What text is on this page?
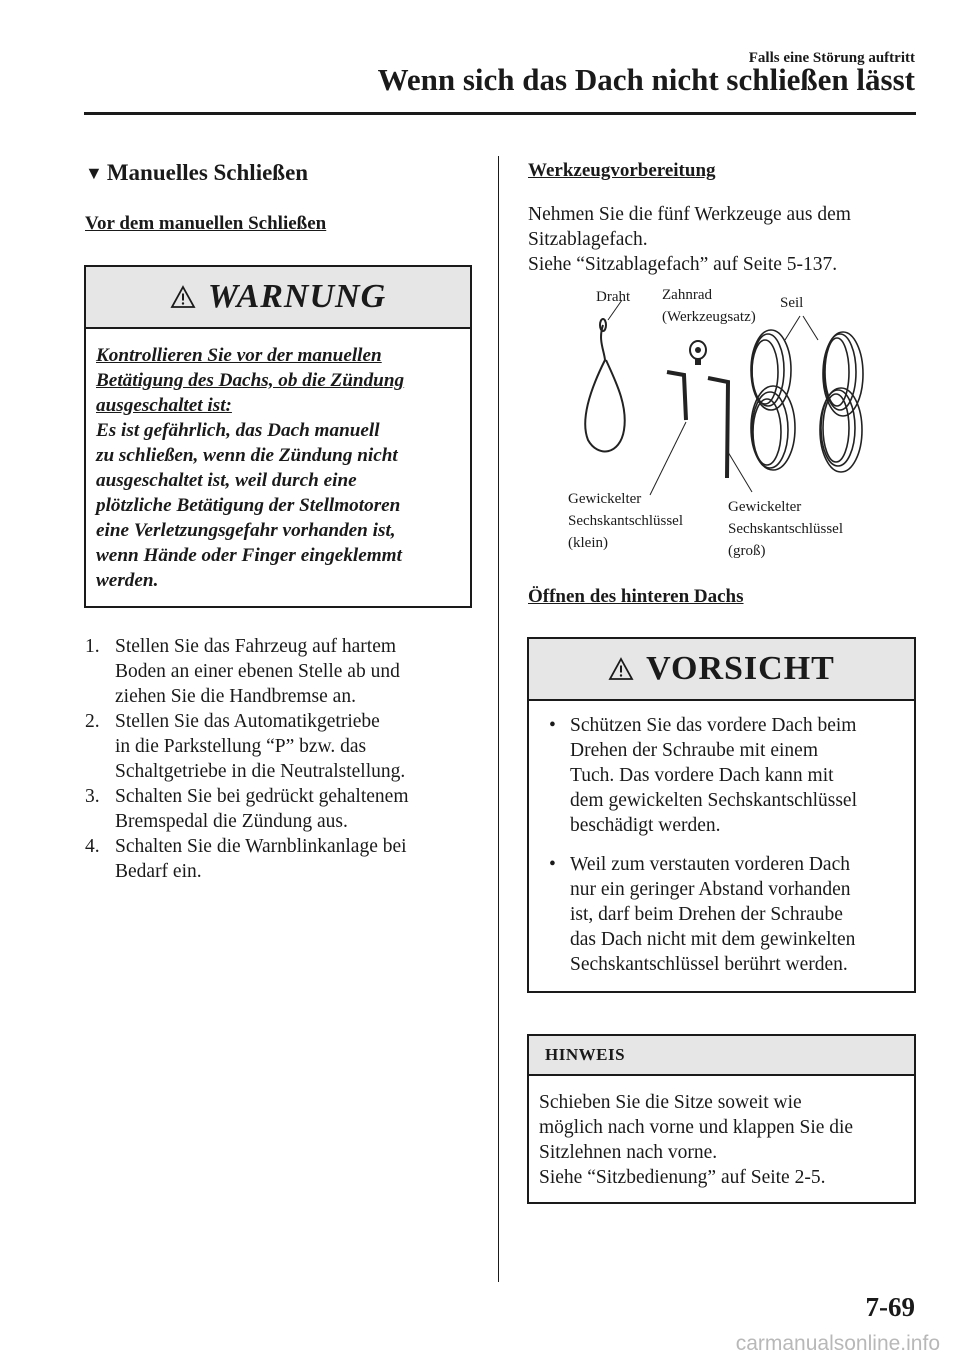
Falls eine Störung auftritt
Wenn sich das Dach nicht schließen lässt
▼ Manuelles Schließen
Vor dem manuellen Schließen
WARNUNG
Kontrollieren Sie vor der manuellen
Betätigung des Dachs, ob die Zündung
ausgeschaltet ist:
Es ist gefährlich, das Dach manuell
zu schließen, wenn die Zündung nicht
ausgeschaltet ist, weil durch eine
plötzliche Betätigung der Stellmotoren
eine Verletzungsgefahr vorhanden ist,
wenn Hände oder Finger eingeklemmt
werden.
1. Stellen Sie das Fahrzeug auf hartem
Boden an einer ebenen Stelle ab und
ziehen Sie die Handbremse an.
2. Stellen Sie das Automatikgetriebe
in die Parkstellung “P” bzw. das
Schaltgetriebe in die Neutralstellung.
3. Schalten Sie bei gedrückt gehaltenem
Bremspedal die Zündung aus.
4. Schalten Sie die Warnblinkanlage bei
Bedarf ein.
Werkzeugvorbereitung
Nehmen Sie die fünf Werkzeuge aus dem
Sitzablagefach.
Siehe “Sitzablagefach” auf Seite 5-137.
Draht Zahnrad
(Werkzeugsatz)
Seil
Gewickelter
Sechskantschlüssel
(klein)
Gewickelter
Sechskantschlüssel
(groß)
Öffnen des hinteren Dachs
VORSICHT
• Schützen Sie das vordere Dach beim
Drehen der Schraube mit einem
Tuch. Das vordere Dach kann mit
dem gewickelten Sechskantschlüssel
beschädigt werden.
• Weil zum verstauten vorderen Dach
nur ein geringer Abstand vorhanden
ist, darf beim Drehen der Schraube
das Dach nicht mit dem gewinkelten
Sechskantschlüssel berührt werden.
HINWEIS
Schieben Sie die Sitze soweit wie
möglich nach vorne und klappen Sie die
Sitzlehnen nach vorne.
Siehe “Sitzbedienung” auf Seite 2-5.
7-69
carmanualsonline.info
